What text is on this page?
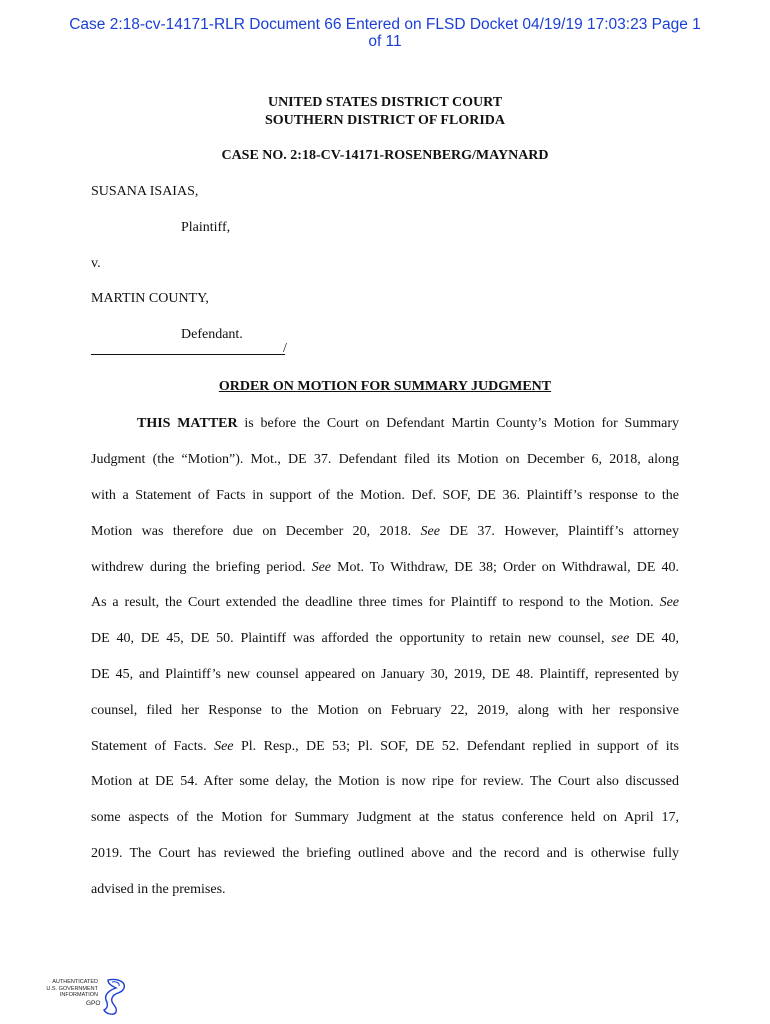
Case 2:18-cv-14171-RLR Document 66 Entered on FLSD Docket 04/19/19 17:03:23 Page 1
of 11
UNITED STATES DISTRICT COURT
SOUTHERN DISTRICT OF FLORIDA
CASE NO. 2:18-CV-14171-ROSENBERG/MAYNARD
SUSANA ISAIAS,
Plaintiff,
v.
MARTIN COUNTY,
Defendant.
/
ORDER ON MOTION FOR SUMMARY JUDGMENT
THIS MATTER is before the Court on Defendant Martin County’s Motion for Summary
Judgment (the “Motion”). Mot., DE 37. Defendant filed its Motion on December 6, 2018, along
with a Statement of Facts in support of the Motion. Def. SOF, DE 36. Plaintiff’s response to the
Motion was therefore due on December 20, 2018. See DE 37. However, Plaintiff’s attorney
withdrew during the briefing period. See Mot. To Withdraw, DE 38; Order on Withdrawal, DE 40.
As a result, the Court extended the deadline three times for Plaintiff to respond to the Motion. See
DE 40, DE 45, DE 50. Plaintiff was afforded the opportunity to retain new counsel, see DE 40,
DE 45, and Plaintiff’s new counsel appeared on January 30, 2019, DE 48. Plaintiff, represented by
counsel, filed her Response to the Motion on February 22, 2019, along with her responsive
Statement of Facts. See Pl. Resp., DE 53; Pl. SOF, DE 52. Defendant replied in support of its
Motion at DE 54. After some delay, the Motion is now ripe for review. The Court also discussed
some aspects of the Motion for Summary Judgment at the status conference held on April 17,
2019. The Court has reviewed the briefing outlined above and the record and is otherwise fully
advised in the premises.
AUTHENTICATED
U.S. GOVERNMENT
INFORMATION
GPO
